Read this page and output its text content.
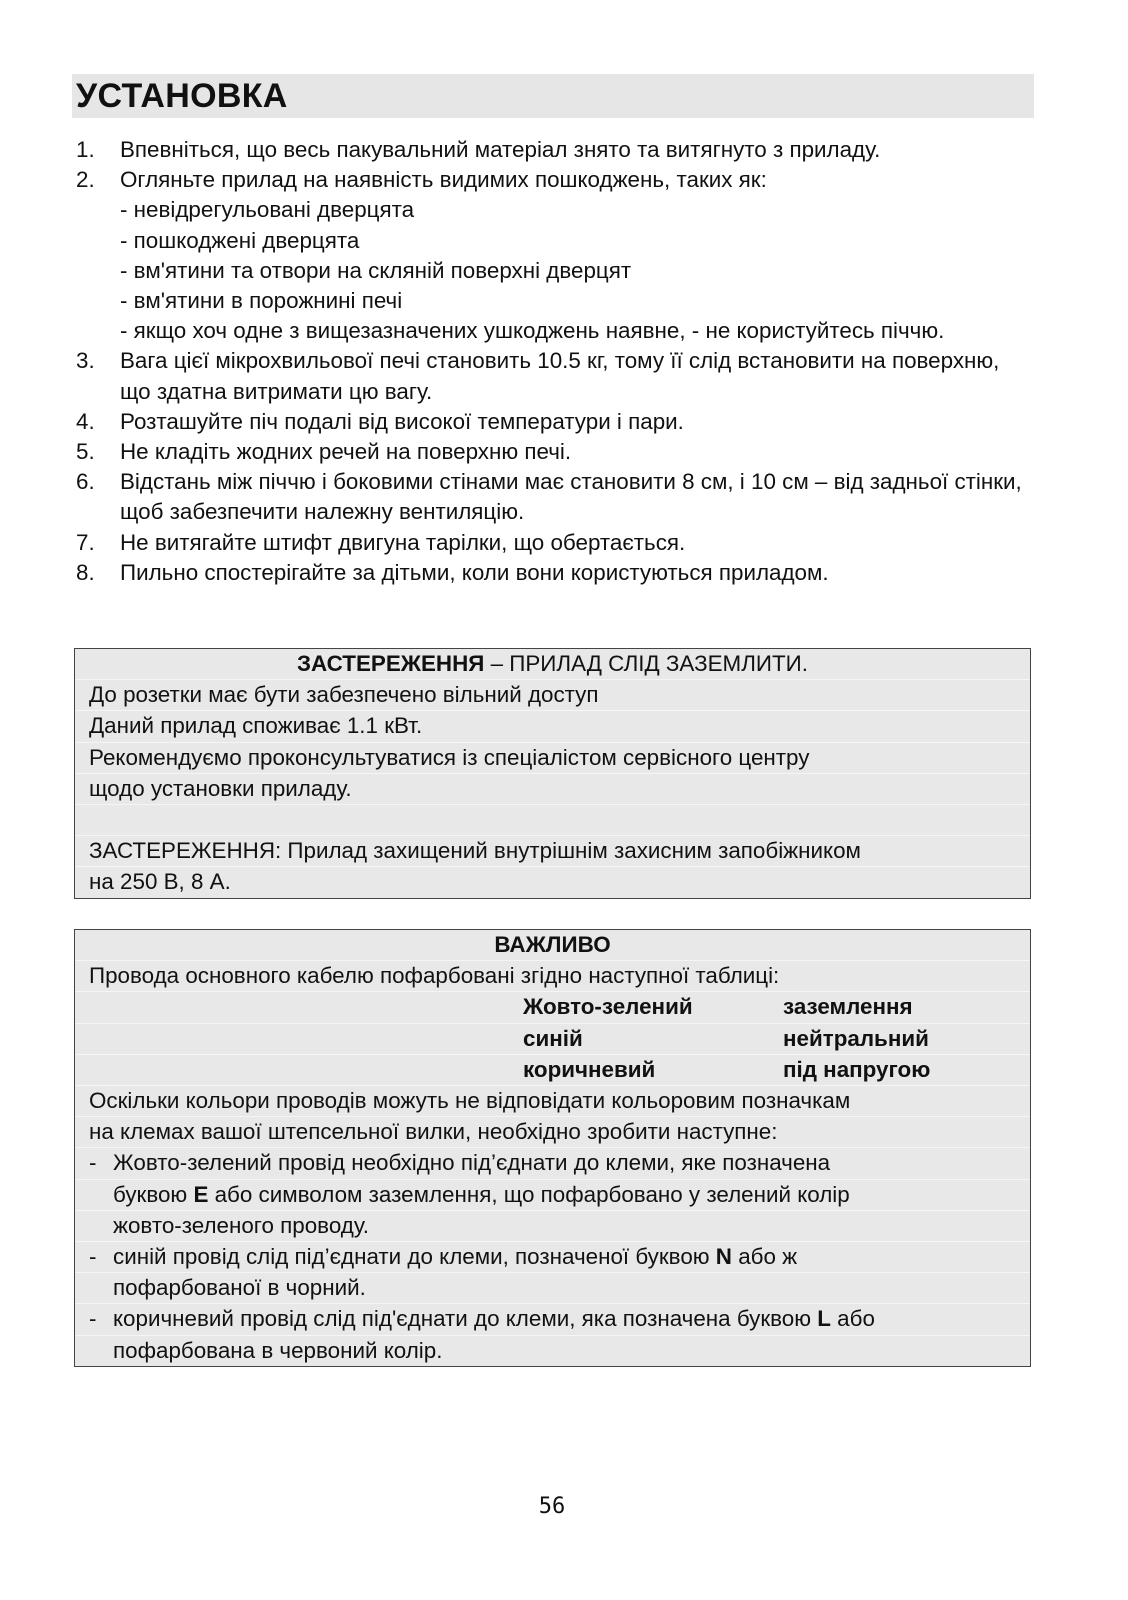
УСТАНОВКА
1. Впевніться, що весь пакувальний матеріал знято та витягнуто з приладу.
2. Огляньте прилад на наявність видимих пошкоджень, таких як:
- невідрегульовані дверцята
- пошкоджені дверцята
- вм'ятини та отвори на скляній поверхні дверцят
- вм'ятини в порожнині печі
- якщо хоч одне з вищезазначених ушкоджень наявне, - не користуйтесь піччю.
3. Вага цієї мікрохвильової печі становить 10.5 кг, тому її слід встановити на поверхню, що здатна витримати цю вагу.
4. Розташуйте піч подалі від високої температури і пари.
5. Не кладіть жодних речей на поверхню печі.
6. Відстань між піччю і боковими стінами має становити 8 см, і 10 см – від задньої стінки, щоб забезпечити належну вентиляцію.
7. Не витягайте штифт двигуна тарілки, що обертається.
8. Пильно спостерігайте за дітьми, коли вони користуються приладом.
ЗАСТЕРЕЖЕННЯ – ПРИЛАД СЛІД ЗАЗЕМЛИТИ.
До розетки має бути забезпечено вільний доступ
Даний прилад споживає 1.1 кВт.
Рекомендуємо проконсультуватися із спеціалістом сервісного центру
щодо установки приладу.
ЗАСТЕРЕЖЕННЯ: Прилад захищений внутрішнім захисним запобіжником
на 250 В, 8 А.
ВАЖЛИВО
Провода основного кабелю пофарбовані згідно наступної таблиці:
Жовто-зелений	заземлення
синій	нейтральний
коричневий	під напругою
Оскільки кольори проводів можуть не відповідати кольоровим позначкам
на клемах вашої штепсельної вилки, необхідно зробити наступне:
- Жовто-зелений провід необхідно під’єднати до клеми, яке позначена
буквою E або символом заземлення, що пофарбовано у зелений колір
жовто-зеленого проводу.
- синій провід слід під’єднати до клеми, позначеної буквою N або ж
пофарбованої в чорний.
- коричневий провід слід під'єднати до клеми, яка позначена буквою L або
пофарбована в червоний колір.
56
